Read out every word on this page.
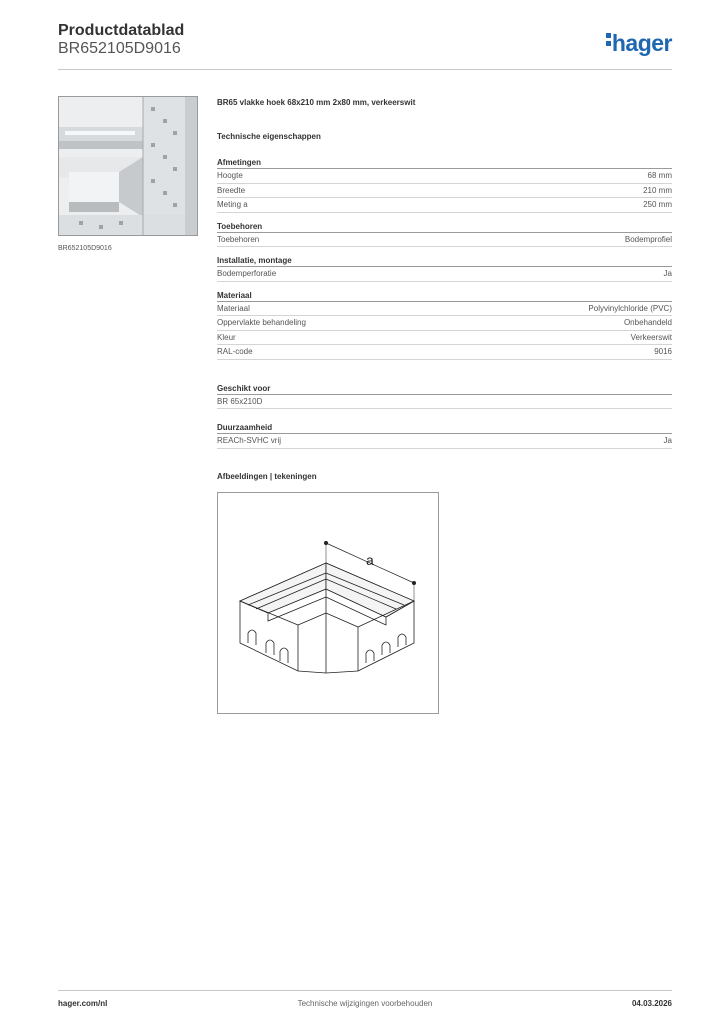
Productdatablad
BR652105D9016	hager
BR652105D9016
BR65 vlakke hoek 68x210 mm 2x80 mm, verkeerswit
Technische eigenschappen
Afmetingen
Hoogte	68 mm
Breedte	210 mm
Meting a	250 mm
Toebehoren
Toebehoren	Bodemprofiel
Installatie, montage
Bodemperforatie	Ja
Materiaal
Materiaal	Polyvinylchloride (PVC)
Oppervlakte behandeling	Onbehandeld
Kleur	Verkeerswit
RAL-code	9016
Geschikt voor
BR 65x210D
Duurzaamheid
REACh-SVHC vrij	Ja
Afbeeldingen | tekeningen
a
hager.com/nl	Technische wijzigingen voorbehouden	04.03.2026
